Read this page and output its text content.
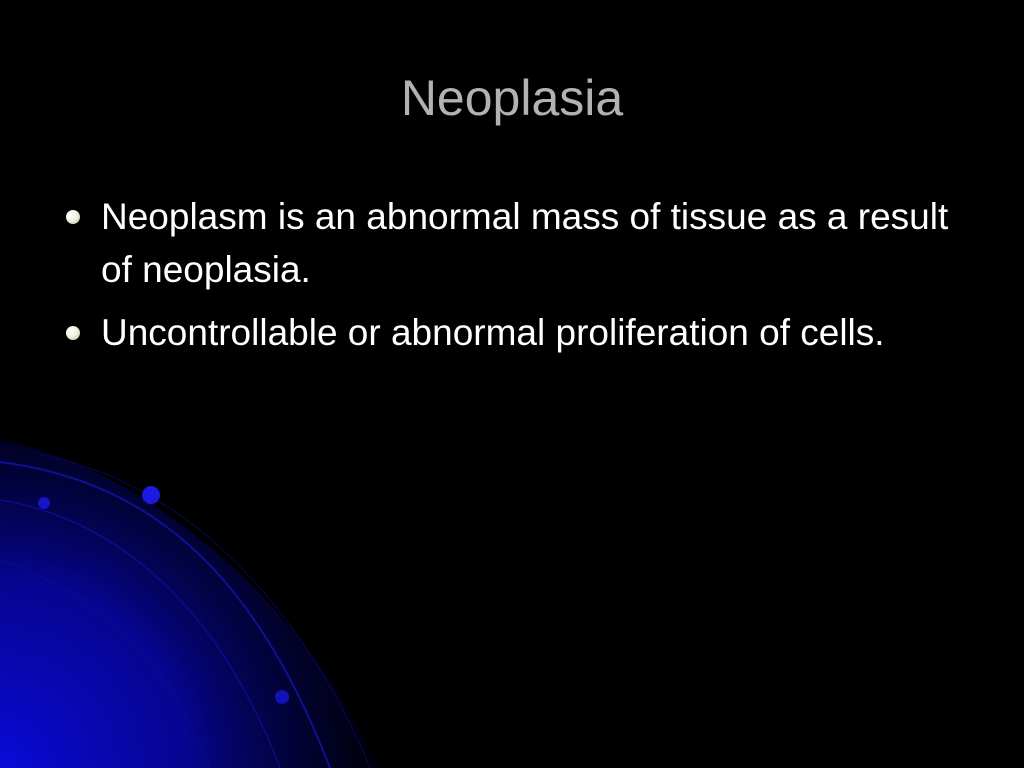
Neoplasia
Neoplasm is an abnormal mass of tissue as a result of neoplasia.
Uncontrollable or abnormal proliferation of cells.
